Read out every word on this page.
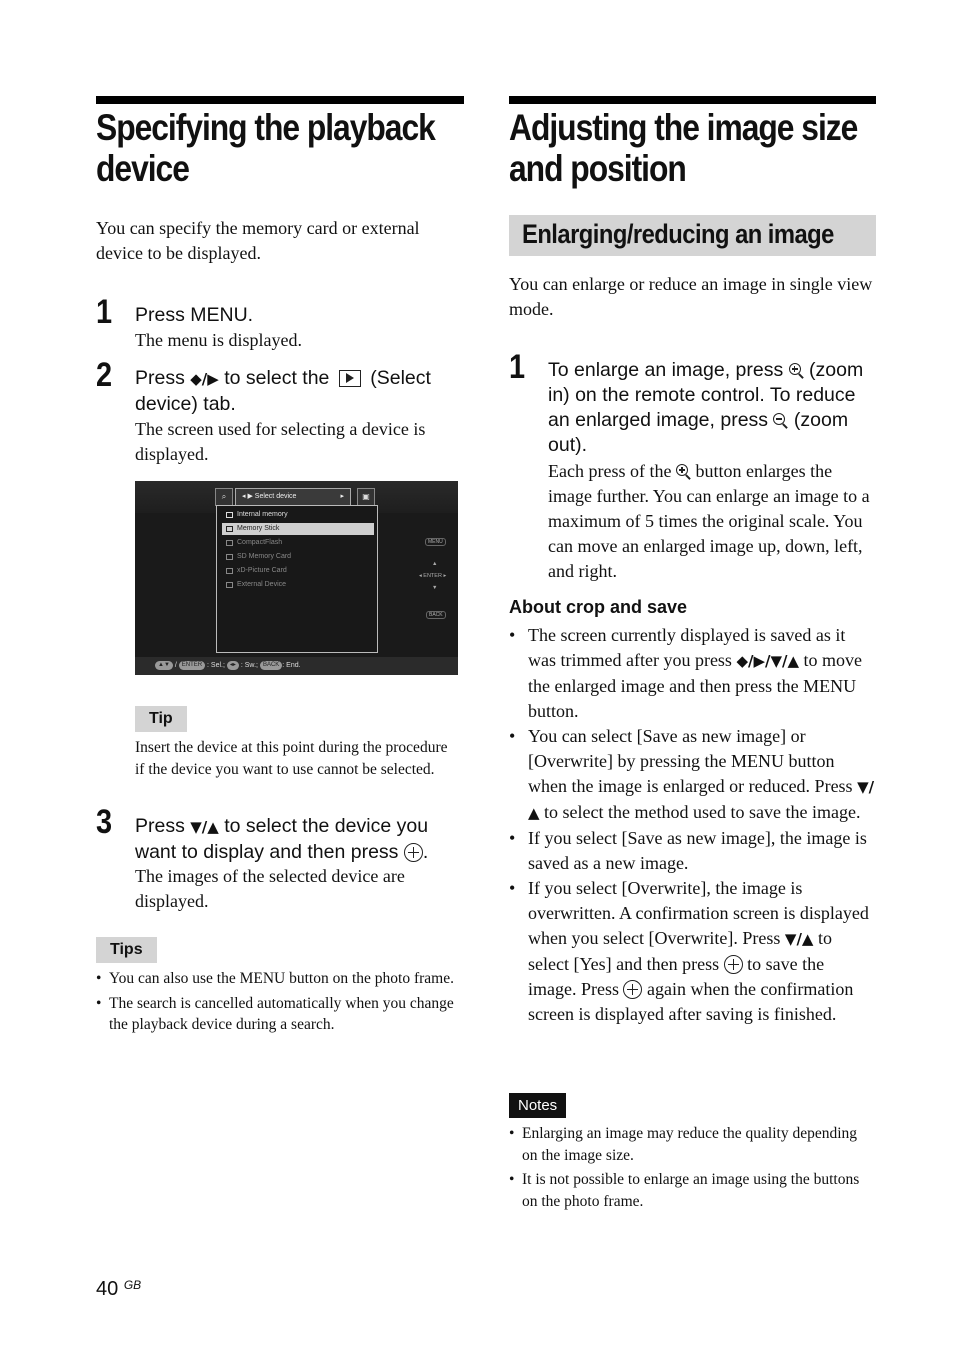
Specifying the playback
device
You can specify the memory card or external device to be displayed.
1 Press MENU.
The menu is displayed.
2 Press ◆/▶ to select the  (Select device) tab.
The screen used for selecting a device is displayed.
⌕	◂ ▶ Select device	▸	▣
Internal memory
Memory Stick
CompactFlash
SD Memory Card
xD-Picture Card
External Device
MENU
▲
◂ ENTER ▸
▼
BACK
▲▼ / ENTER : Sel.; ◂▸ : Sw.; BACK : End.
Tip
Insert the device at this point during the procedure if the device you want to use cannot be selected.
3 Press ▼/▲ to select the device you want to display and then press .
The images of the selected device are displayed.
Tips
• You can also use the MENU button on the photo frame.
• The search is cancelled automatically when you change the playback device during a search.
Adjusting the image size
and position
Enlarging/reducing an image
You can enlarge or reduce an image in single view mode.
1 To enlarge an image, press
(zoom in) on the remote control. To reduce an enlarged image, press
(zoom out).
Each press of the
button enlarges the image further. You can enlarge an image to a maximum of 5 times the original scale. You can move an enlarged image up, down, left, and right.
About crop and save
• The screen currently displayed is saved as it was trimmed after you press ◆/▶/▼/▲ to move the enlarged image and then press the MENU button.
• You can select [Save as new image] or [Overwrite] by pressing the MENU button when the image is enlarged or reduced. Press ▼/▲ to select the method used to save the image.
• If you select [Save as new image], the image is saved as a new image.
• If you select [Overwrite], the image is overwritten. A confirmation screen is displayed when you select [Overwrite]. Press ▼/▲ to select [Yes] and then press  to save the image. Press  again when the confirmation screen is displayed after saving is finished.
Notes
• Enlarging an image may reduce the quality depending on the image size.
• It is not possible to enlarge an image using the buttons on the photo frame.
40 $^{GB}$
